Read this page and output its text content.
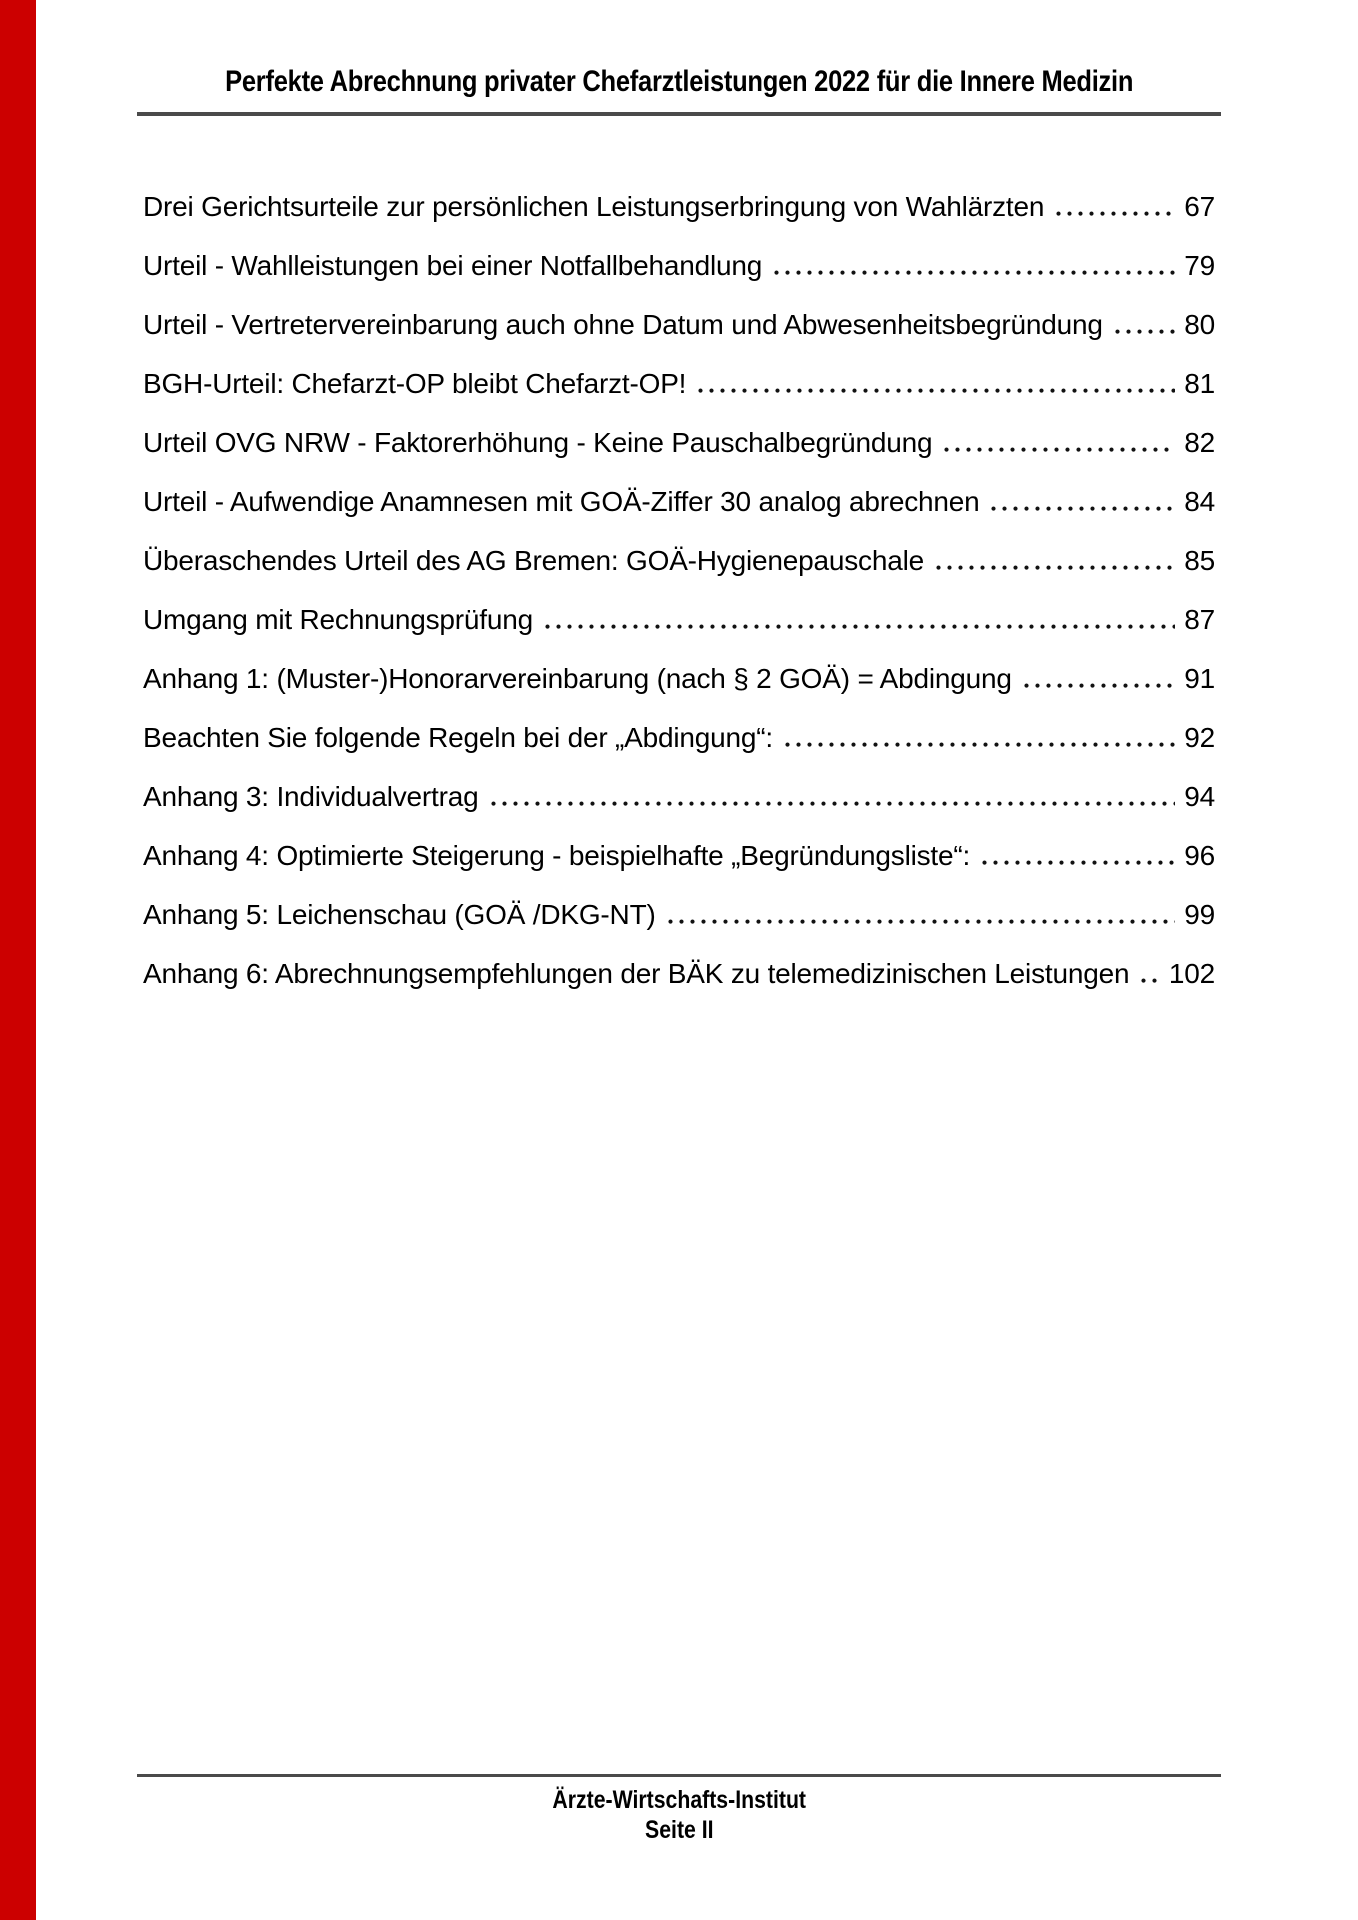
Perfekte Abrechnung privater Chefarztleistungen 2022 für die Innere Medizin
Drei Gerichtsurteile zur persönlichen Leistungserbringung von Wahlärzten	67
Urteil - Wahlleistungen bei einer Notfallbehandlung	79
Urteil - Vertretervereinbarung auch ohne Datum und Abwesenheitsbegründung	80
BGH-Urteil: Chefarzt-OP bleibt Chefarzt-OP!	81
Urteil OVG NRW - Faktorerhöhung - Keine Pauschalbegründung	82
Urteil - Aufwendige Anamnesen mit GOÄ-Ziffer 30 analog abrechnen	84
Überaschendes Urteil des AG Bremen: GOÄ-Hygienepauschale	85
Umgang mit Rechnungsprüfung	87
Anhang 1: (Muster-)Honorarvereinbarung (nach § 2 GOÄ) = Abdingung	91
Beachten Sie folgende Regeln bei der „Abdingung“:	92
Anhang 3: Individualvertrag	94
Anhang 4: Optimierte Steigerung - beispielhafte „Begründungsliste“:	96
Anhang 5: Leichenschau (GOÄ /DKG-NT)	99
Anhang 6: Abrechnungsempfehlungen der BÄK zu telemedizinischen Leistungen 102
Ärzte-Wirtschafts-Institut
Seite II
